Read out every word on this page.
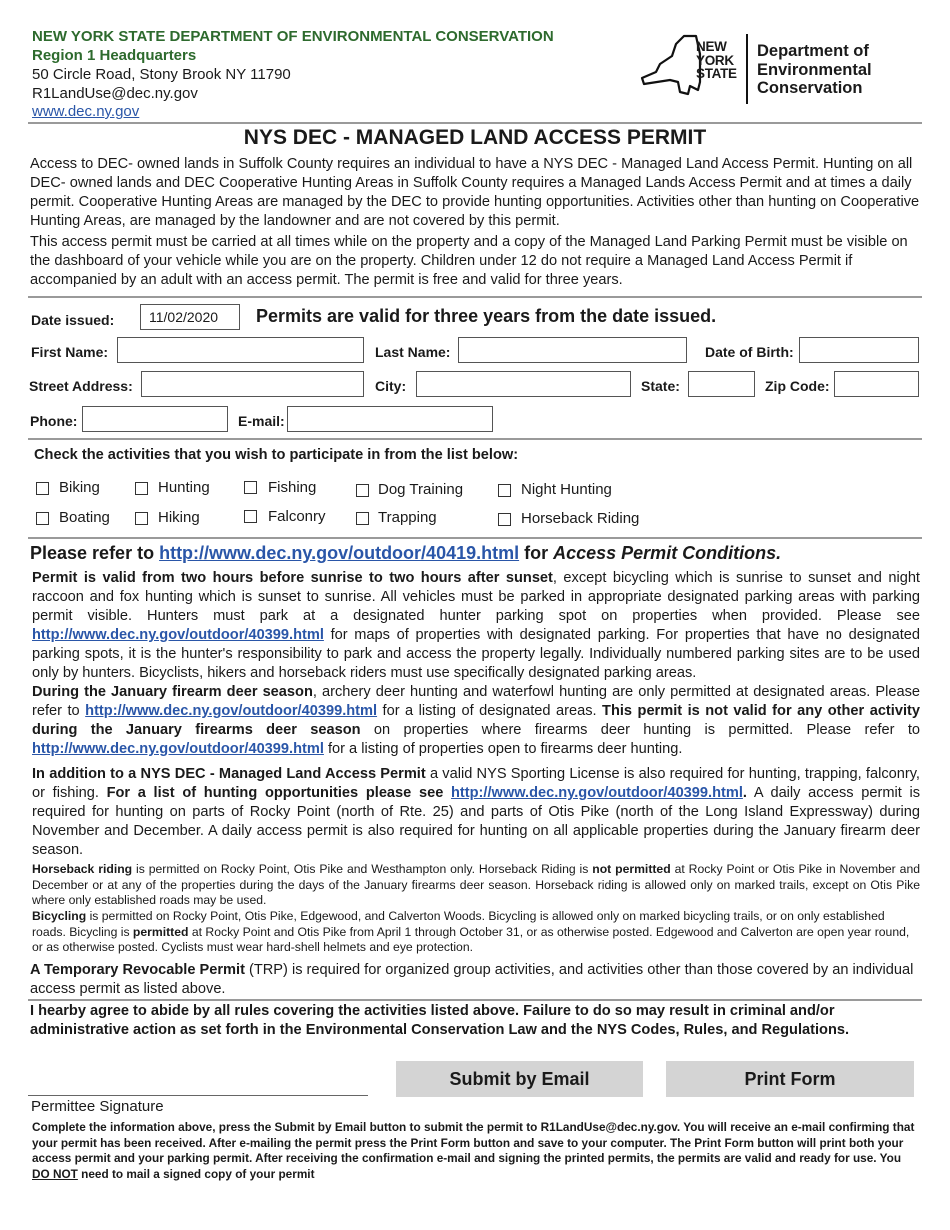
NEW YORK STATE DEPARTMENT OF ENVIRONMENTAL CONSERVATION
Region 1 Headquarters
50 Circle Road, Stony Brook NY 11790
R1LandUse@dec.ny.gov
www.dec.ny.gov
NEW
YORK
STATE
Department of
Environmental
Conservation
NYS DEC - MANAGED LAND ACCESS PERMIT
Access to DEC- owned lands in Suffolk County requires an individual to have a NYS DEC - Managed Land Access Permit. Hunting on all DEC- owned lands and DEC Cooperative Hunting Areas in Suffolk County requires a Managed Lands Access Permit and at times a daily permit. Cooperative Hunting Areas are managed by the DEC to provide hunting opportunities. Activities other than hunting on Cooperative Hunting Areas, are managed by the landowner and are not covered by this permit.
This access permit must be carried at all times while on the property and a copy of the Managed Land Parking Permit must be visible on the dashboard of your vehicle while you are on the property. Children under 12 do not require a Managed Land Access Permit if accompanied by an adult with an access permit. The permit is free and valid for three years.
Date issued:	11/02/2020	Permits are valid for three years from the date issued.
First Name:	Last Name:	Date of Birth:
Street Address:	City:	State:	Zip Code:
Phone:	E-mail:
Check the activities that you wish to participate in from the list below:
Biking	Hunting	Fishing	Dog Training	Night Hunting
Boating	Hiking	Falconry	Trapping	Horseback Riding
Please refer to http://www.dec.ny.gov/outdoor/40419.html for Access Permit Conditions.
Permit is valid from two hours before sunrise to two hours after sunset, except bicycling which is sunrise to sunset and night raccoon and fox hunting which is sunset to sunrise. All vehicles must be parked in appropriate designated parking areas with parking permit visible. Hunters must park at a designated hunter parking spot on properties when provided. Please see http://www.dec.ny.gov/outdoor/40399.html for maps of properties with designated parking. For properties that have no designated parking spots, it is the hunter's responsibility to park and access the property legally. Individually numbered parking sites are to be used only by hunters. Bicyclists, hikers and horseback riders must use specifically designated parking areas.
During the January firearm deer season, archery deer hunting and waterfowl hunting are only permitted at designated areas. Please refer to http://www.dec.ny.gov/outdoor/40399.html for a listing of designated areas. This permit is not valid for any other activity during the January firearms deer season on properties where firearms deer hunting is permitted. Please refer to http://www.dec.ny.gov/outdoor/40399.html for a listing of properties open to firearms deer hunting.
In addition to a NYS DEC - Managed Land Access Permit a valid NYS Sporting License is also required for hunting, trapping, falconry, or fishing. For a list of hunting opportunities please see http://www.dec.ny.gov/outdoor/40399.html. A daily access permit is required for hunting on parts of Rocky Point (north of Rte. 25) and parts of Otis Pike (north of the Long Island Expressway) during November and December. A daily access permit is also required for hunting on all applicable properties during the January firearm deer season.
Horseback riding is permitted on Rocky Point, Otis Pike and Westhampton only. Horseback Riding is not permitted at Rocky Point or Otis Pike in November and December or at any of the properties during the days of the January firearms deer season. Horseback riding is allowed only on marked trails, except on Otis Pike where only established roads may be used.
Bicycling is permitted on Rocky Point, Otis Pike, Edgewood, and Calverton Woods. Bicycling is allowed only on marked bicycling trails, or on only established roads. Bicycling is permitted at Rocky Point and Otis Pike from April 1 through October 31, or as otherwise posted. Edgewood and Calverton are open year round, or as otherwise posted. Cyclists must wear hard-shell helmets and eye protection.
A Temporary Revocable Permit (TRP) is required for organized group activities, and activities other than those covered by an individual access permit as listed above.
I hearby agree to abide by all rules covering the activities listed above. Failure to do so may result in criminal and/or administrative action as set forth in the Environmental Conservation Law and the NYS Codes, Rules, and Regulations.
Submit by Email	Print Form
Permittee Signature
Complete the information above, press the Submit by Email button to submit the permit to R1LandUse@dec.ny.gov. You will receive an e-mail confirming that your permit has been received. After e-mailing the permit press the Print Form button and save to your computer. The Print Form button will print both your access permit and your parking permit. After receiving the confirmation e-mail and signing the printed permits, the permits are valid and ready for use. You DO NOT need to mail a signed copy of your permit
